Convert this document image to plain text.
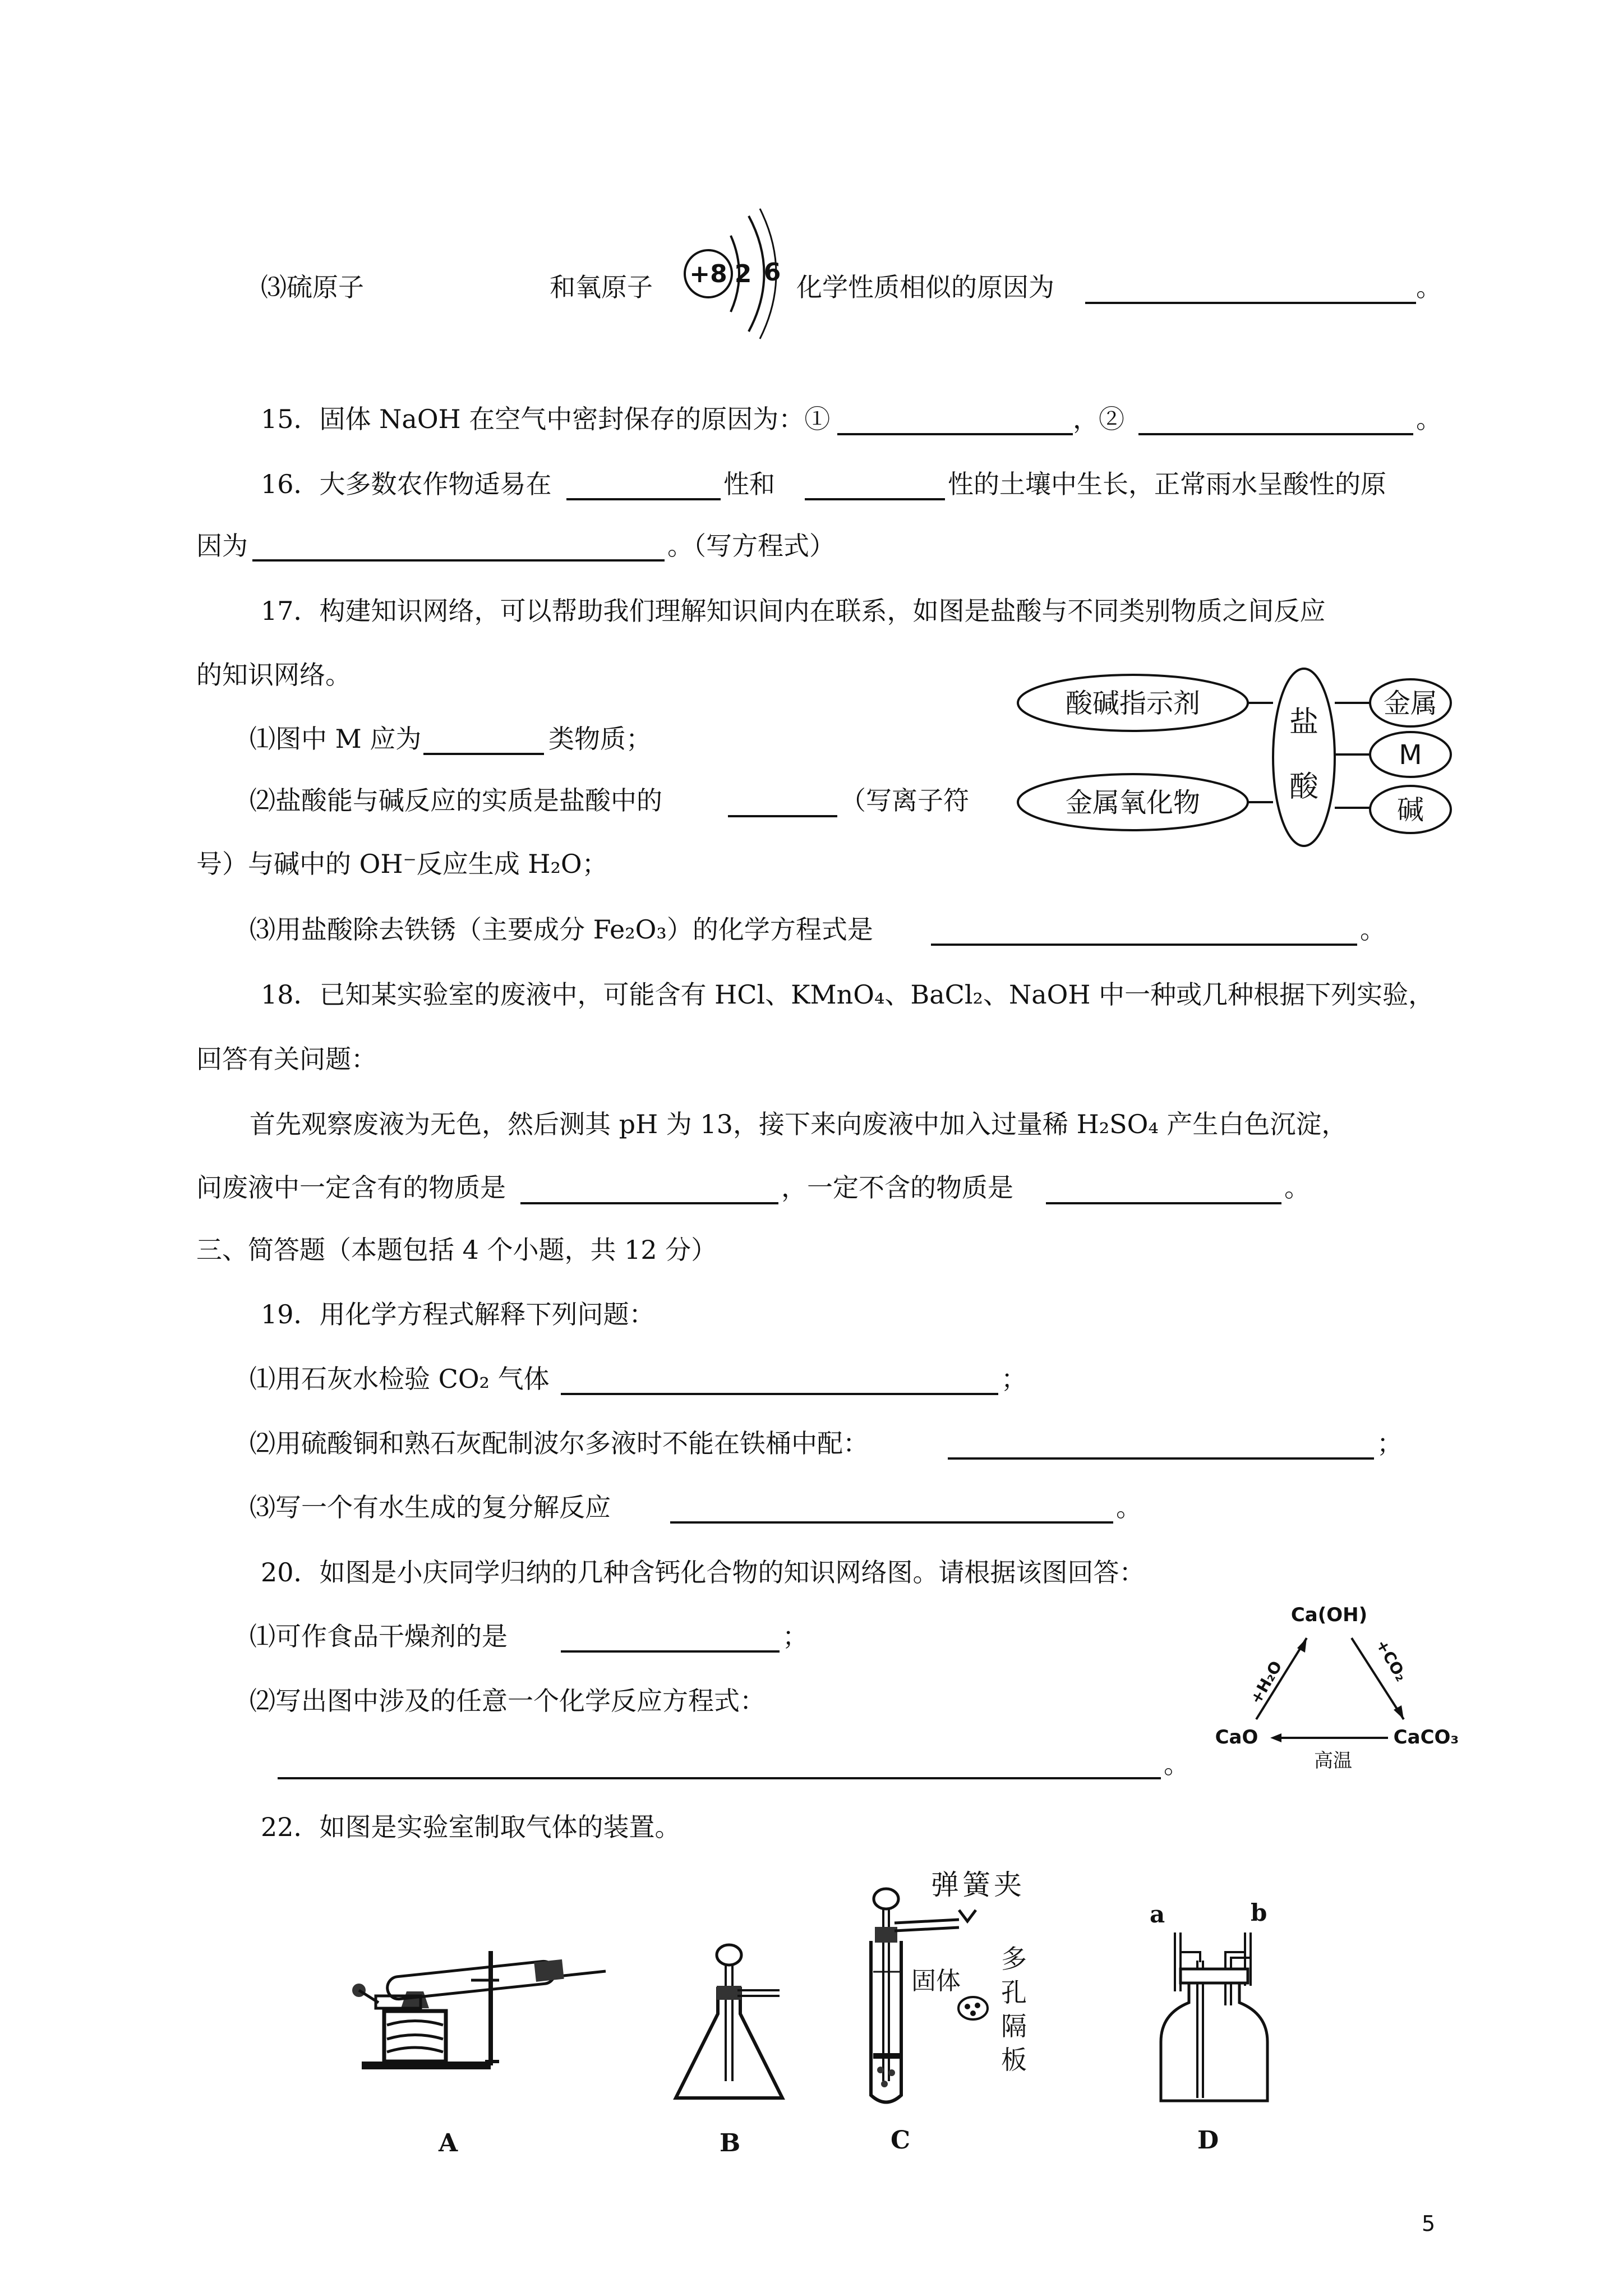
⑶硫原子	和氧原子 +8 2 6 化学性质相似的原因为	。
15．固体 NaOH 在空气中密封保存的原因为：①	，②	。
16．大多数农作物适易在	性和	性的土壤中生长，正常雨水呈酸性的原
因为	。（写方程式）
17．构建知识网络，可以帮助我们理解知识间内在联系，如图是盐酸与不同类别物质之间反应
的知识网络。
⑴图中 M 应为	类物质；
⑵盐酸能与碱反应的实质是盐酸中的	（写离子符
号）与碱中的 OH⁻反应生成 H₂O；
⑶用盐酸除去铁锈（主要成分 Fe₂O₃）的化学方程式是	。
酸碱指示剂
金属氧化物
盐
酸
金属
M
碱
18．已知某实验室的废液中，可能含有 HCl、KMnO₄、BaCl₂、NaOH 中一种或几种根据下列实验，
回答有关问题：
首先观察废液为无色，然后测其 pH 为 13，接下来向废液中加入过量稀 H₂SO₄ 产生白色沉淀，
问废液中一定含有的物质是	，一定不含的物质是	。
三、简答题（本题包括 4 个小题，共 12 分）
19．用化学方程式解释下列问题：
⑴用石灰水检验 CO₂ 气体	；
⑵用硫酸铜和熟石灰配制波尔多液时不能在铁桶中配：	；
⑶写一个有水生成的复分解反应	。
20．如图是小庆同学归纳的几种含钙化合物的知识网络图。请根据该图回答：
⑴可作食品干燥剂的是	；
⑵写出图中涉及的任意一个化学反应方程式：
。
Ca(OH)
+H₂O	+CO₂
CaO	CaCO₃
高温
22．如图是实验室制取气体的装置。
A	B
弹簧夹
固体
多孔隔板
C
a	b
D
5
